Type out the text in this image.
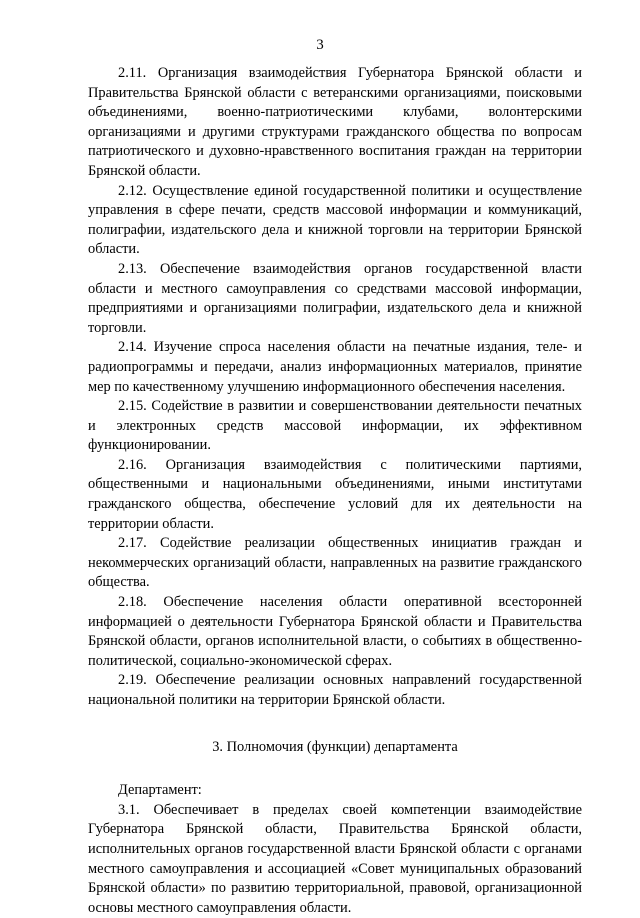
3

2.11. Организация взаимодействия Губернатора Брянской области и Правительства Брянской области с ветеранскими организациями, поисковыми объединениями, военно-патриотическими клубами, волонтерскими организациями и другими структурами гражданского общества по вопросам патриотического и духовно-нравственного воспитания граждан на территории Брянской области.

2.12. Осуществление единой государственной политики и осуществление управления в сфере печати, средств массовой информации и коммуникаций, полиграфии, издательского дела и книжной торговли на территории Брянской области.

2.13. Обеспечение взаимодействия органов государственной власти области и местного самоуправления со средствами массовой информации, предприятиями и организациями полиграфии, издательского дела и книжной торговли.

2.14. Изучение спроса населения области на печатные издания, теле- и радиопрограммы и передачи, анализ информационных материалов, принятие мер по качественному улучшению информационного обеспечения населения.

2.15. Содействие в развитии и совершенствовании деятельности печатных и электронных средств массовой информации, их эффективном функционировании.

2.16. Организация взаимодействия с политическими партиями, общественными и национальными объединениями, иными институтами гражданского общества, обеспечение условий для их деятельности на территории области.

2.17. Содействие реализации общественных инициатив граждан и некоммерческих организаций области, направленных на развитие гражданского общества.

2.18. Обеспечение населения области оперативной всесторонней информацией о деятельности Губернатора Брянской области и Правительства Брянской области, органов исполнительной власти, о событиях в общественно-политической, социально-экономической сферах.

2.19. Обеспечение реализации основных направлений государственной национальной политики на территории Брянской области.

3. Полномочия (функции) департамента

Департамент:

3.1. Обеспечивает в пределах своей компетенции взаимодействие Губернатора Брянской области, Правительства Брянской области, исполнительных органов государственной власти Брянской области с органами местного самоуправления и ассоциацией «Совет муниципальных образований Брянской области» по развитию территориальной, правовой, организационной основы местного самоуправления области.
